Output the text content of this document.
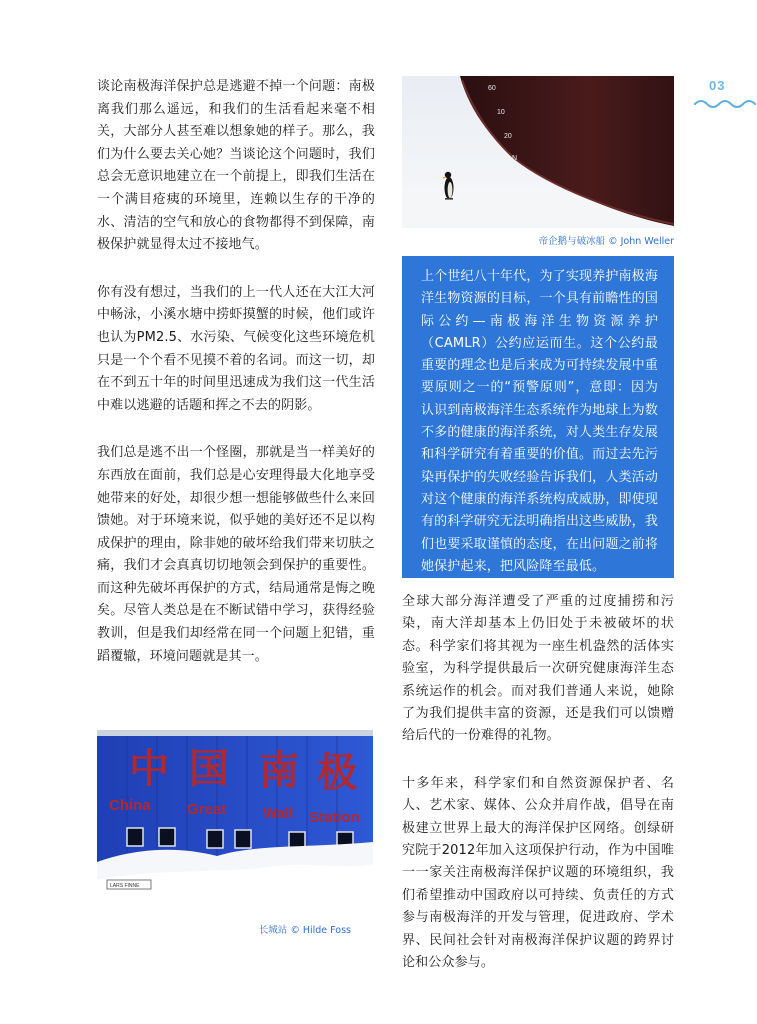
03

谈论南极海洋保护总是逃避不掉一个问题：南极离我们那么遥远，和我们的生活看起来毫不相关，大部分人甚至难以想象她的样子。那么，我们为什么要去关心她？当谈论这个问题时，我们总会无意识地建立在一个前提上，即我们生活在一个满目疮痍的环境里，连赖以生存的干净的水、清洁的空气和放心的食物都得不到保障，南极保护就显得太过不接地气。

你有没有想过，当我们的上一代人还在大江大河中畅泳，小溪水塘中捞虾摸蟹的时候，他们或许也认为PM2.5、水污染、气候变化这些环境危机只是一个个看不见摸不着的名词。而这一切，却在不到五十年的时间里迅速成为我们这一代生活中难以逃避的话题和挥之不去的阴影。

我们总是逃不出一个怪圈，那就是当一样美好的东西放在面前，我们总是心安理得最大化地享受她带来的好处，却很少想一想能够做些什么来回馈她。对于环境来说，似乎她的美好还不足以构成保护的理由，除非她的破坏给我们带来切肤之痛，我们才会真真切切地领会到保护的重要性。而这种先破坏再保护的方式，结局通常是悔之晚矣。尽管人类总是在不断试错中学习，获得经验教训，但是我们却经常在同一个问题上犯错，重蹈覆辙，环境问题就是其一。

60
10
20
N
帝企鹅与破冰船 © John Weller

上个世纪八十年代，为了实现养护南极海洋生物资源的目标，一个具有前瞻性的国际公约—南极海洋生物资源养护（CAMLR）公约应运而生。这个公约最重要的理念也是后来成为可持续发展中重要原则之一的“预警原则”，意即：因为认识到南极海洋生态系统作为地球上为数不多的健康的海洋系统，对人类生存发展和科学研究有着重要的价值。而过去先污染再保护的失败经验告诉我们，人类活动对这个健康的海洋系统构成威胁，即使现有的科学研究无法明确指出这些威胁，我们也要采取谨慎的态度，在出问题之前将她保护起来，把风险降至最低。

全球大部分海洋遭受了严重的过度捕捞和污染，南大洋却基本上仍旧处于未被破坏的状态。科学家们将其视为一座生机盎然的活体实验室，为科学提供最后一次研究健康海洋生态系统运作的机会。而对我们普通人来说，她除了为我们提供丰富的资源，还是我们可以馈赠给后代的一份难得的礼物。

十多年来，科学家们和自然资源保护者、名人、艺术家、媒体、公众并肩作战，倡导在南极建立世界上最大的海洋保护区网络。创绿研究院于2012年加入这项保护行动，作为中国唯一一家关注南极海洋保护议题的环境组织，我们希望推动中国政府以可持续、负责任的方式参与南极海洋的开发与管理，促进政府、学术界、民间社会针对南极海洋保护议题的跨界讨论和公众参与。

中 国 南 极
China Great Wall Station
LARS FINNE
长城站 © Hilde Foss
